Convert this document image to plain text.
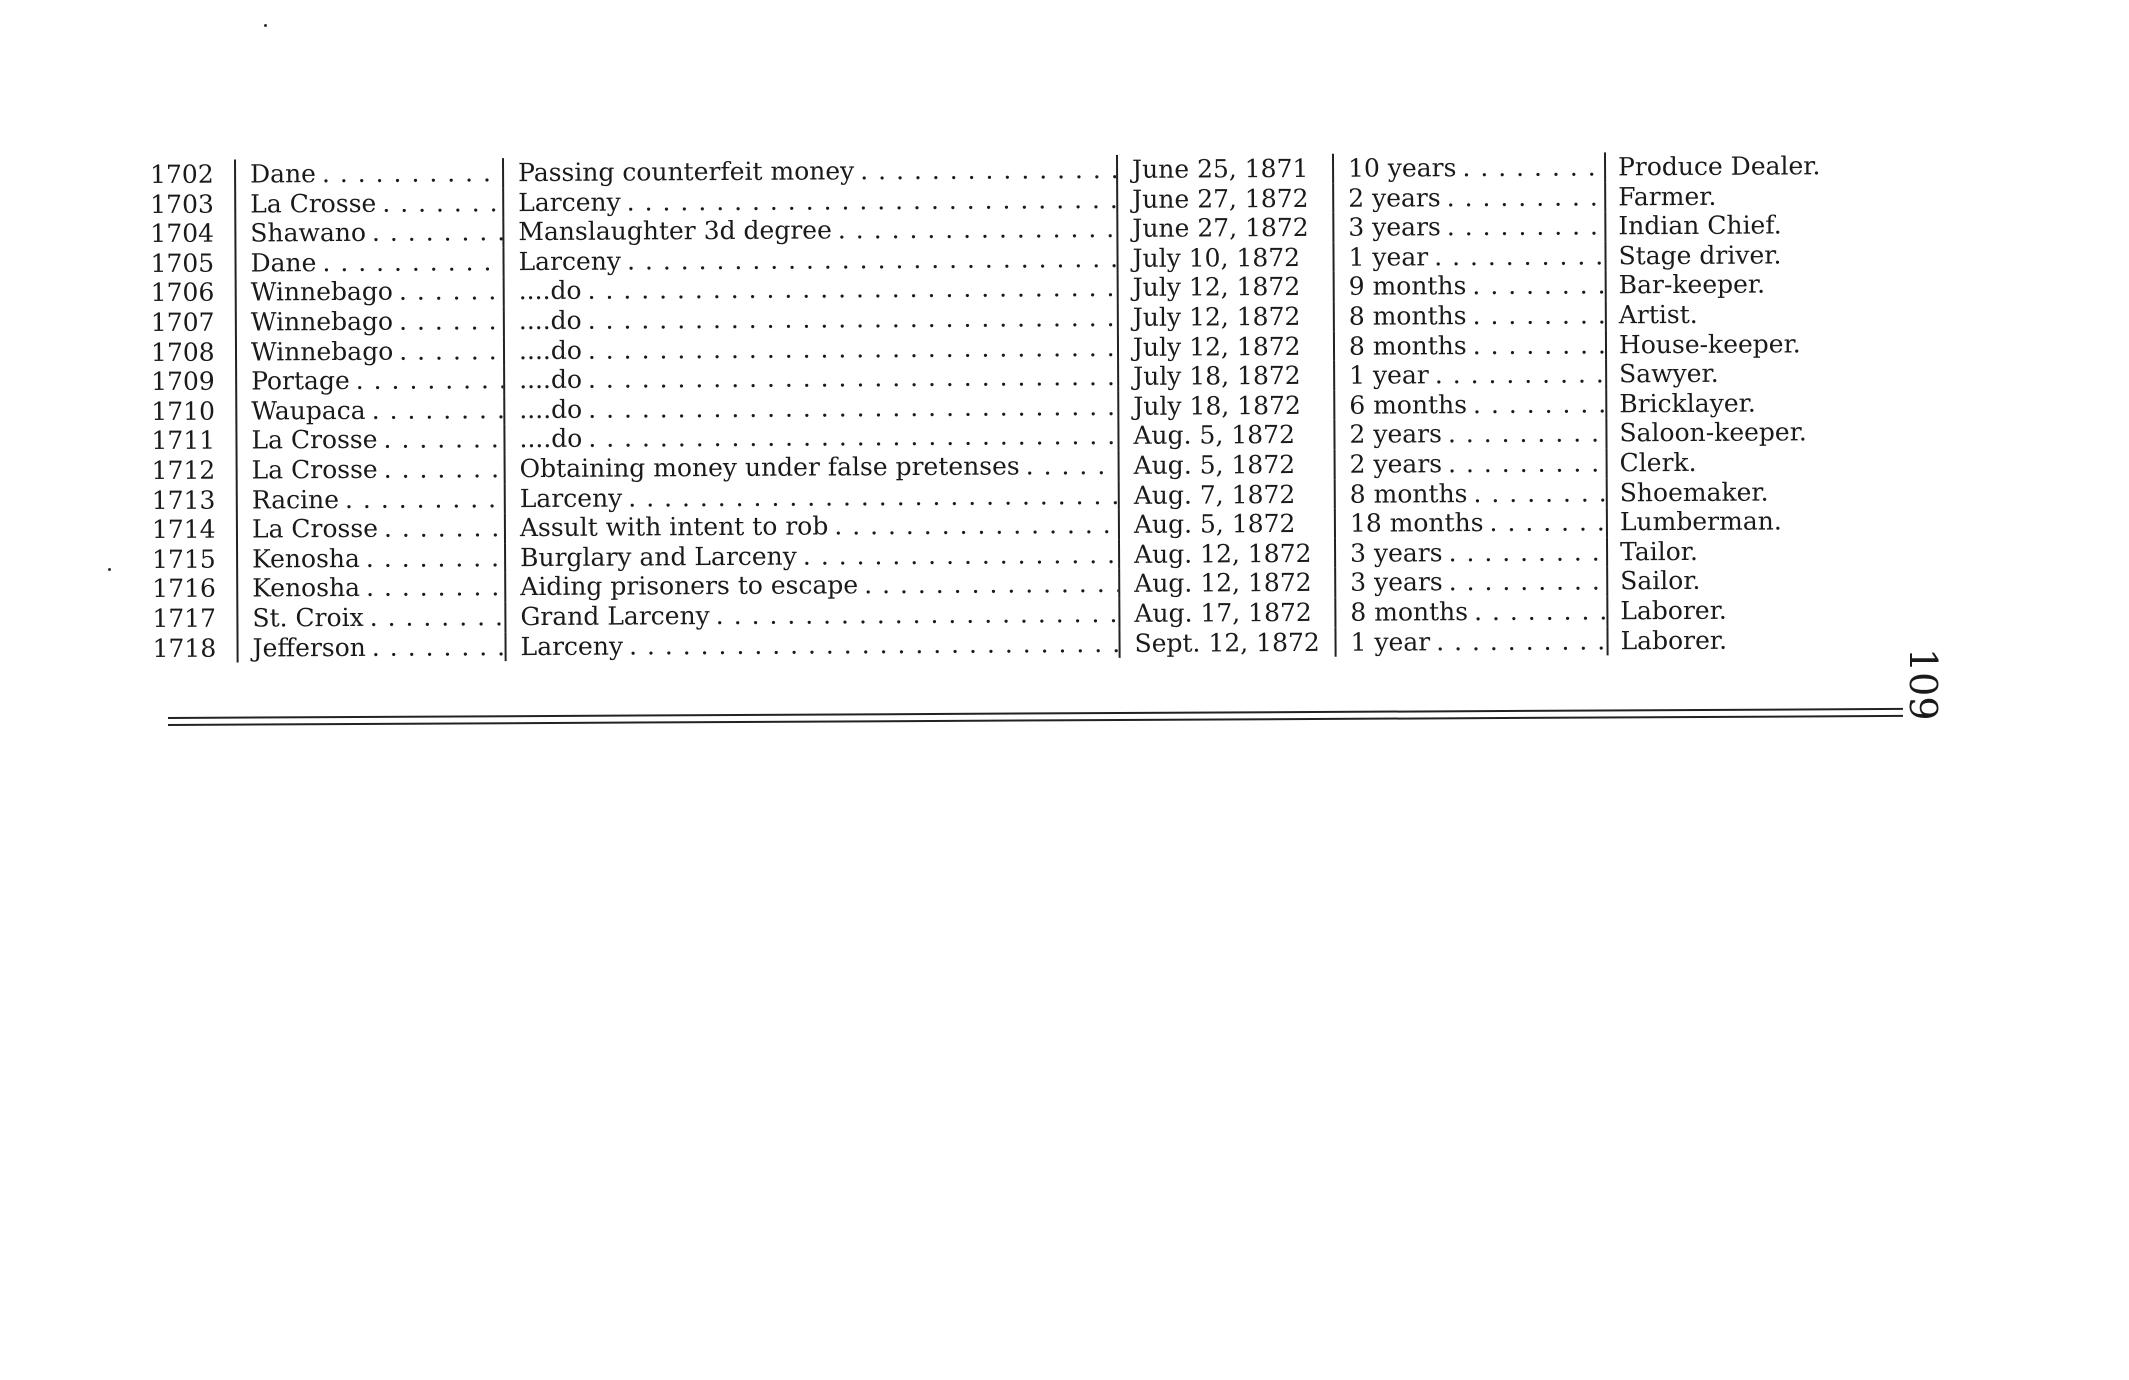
1702	Dane . . .	Passing counterfeit money . . .	June 25, 1871	10 years . . .	Produce Dealer.
1703	La Crosse . . .	Larceny . . .	June 27, 1872	2 years . . .	Farmer.
1704	Shawano . . .	Manslaughter 3d degree . . .	June 27, 1872	3 years . . .	Indian Chief.
1705	Dane . . .	Larceny . . .	July 10, 1872	1 year . . .	Stage driver.
1706	Winnebago . . .	....do . . .	July 12, 1872	9 months . . .	Bar-keeper.
1707	Winnebago . . .	....do . . .	July 12, 1872	8 months . . .	Artist.
1708	Winnebago . . .	....do . . .	July 12, 1872	8 months . . .	House-keeper.
1709	Portage . . .	....do . . .	July 18, 1872	1 year . . .	Sawyer.
1710	Waupaca . . .	....do . . .	July 18, 1872	6 months . . .	Bricklayer.
1711	La Crosse . . .	....do . . .	Aug. 5, 1872	2 years . . .	Saloon-keeper.
1712	La Crosse . . .	Obtaining money under false pretenses . . .	Aug. 5, 1872	2 years . . .	Clerk.
1713	Racine . . .	Larceny . . .	Aug. 7, 1872	8 months . . .	Shoemaker.
1714	La Crosse . . .	Assult with intent to rob . . .	Aug. 5, 1872	18 months . . .	Lumberman.
1715	Kenosha . . .	Burglary and Larceny . . .	Aug. 12, 1872	3 years . . .	Tailor.
1716	Kenosha . . .	Aiding prisoners to escape . . .	Aug. 12, 1872	3 years . . .	Sailor.
1717	St. Croix . . .	Grand Larceny . . .	Aug. 17, 1872	8 months . . .	Laborer.
1718	Jefferson . . .	Larceny . . .	Sept. 12, 1872	1 year . . .	Laborer.
109
